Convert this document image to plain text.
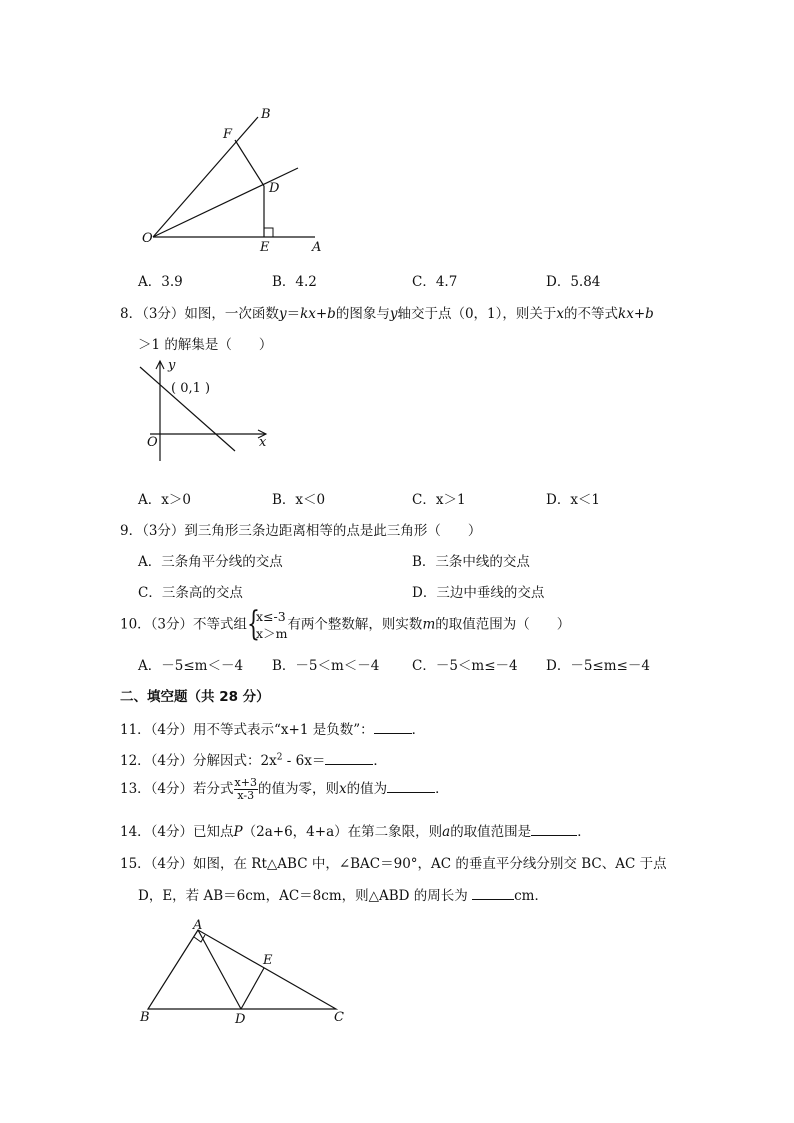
B
F
D
O
E	A
A．3.9	B．4.2	C．4.7	D．5.84
8．（3分）如图，一次函数y＝kx+b的图象与y轴交于点（0，1），则关于x的不等式kx+b
＞1 的解集是（　　）
y
( 0,1 )
O	x
A．x＞0	B．x＜0	C．x＞1	D．x＜1
9．（3分）到三角形三条边距离相等的点是此三角形（　　）
A．三条角平分线的交点	B．三条中线的交点
C．三条高的交点	D．三边中垂线的交点
10．（3分）不等式组 {
x≤-3
x＞m
有两个整数解，则实数m的取值范围为（　　）
A．－5≤m＜－4 B．－5＜m＜－4 C．－5＜m≤－4 D．－5≤m≤－4
二、填空题（共 28 分）
11．（4分）用不等式表示“x+1 是负数”：	．
12．（4分）分解因式：$2x^2 - 6x=$	．
13．（4分）若分式 $\frac{x+3}{x-3}$ 的值为零，则x的值为	．
14．（4分）已知点P（2a+6，4+a）在第二象限，则a的取值范围是	．
15．（4分）如图，在 Rt△ABC 中，∠BAC＝90°，AC 的垂直平分线分别交 BC、AC 于点
D，E，若 AB＝6cm，AC＝8cm，则△ABD 的周长为	cm．
A
E
B	D	C
